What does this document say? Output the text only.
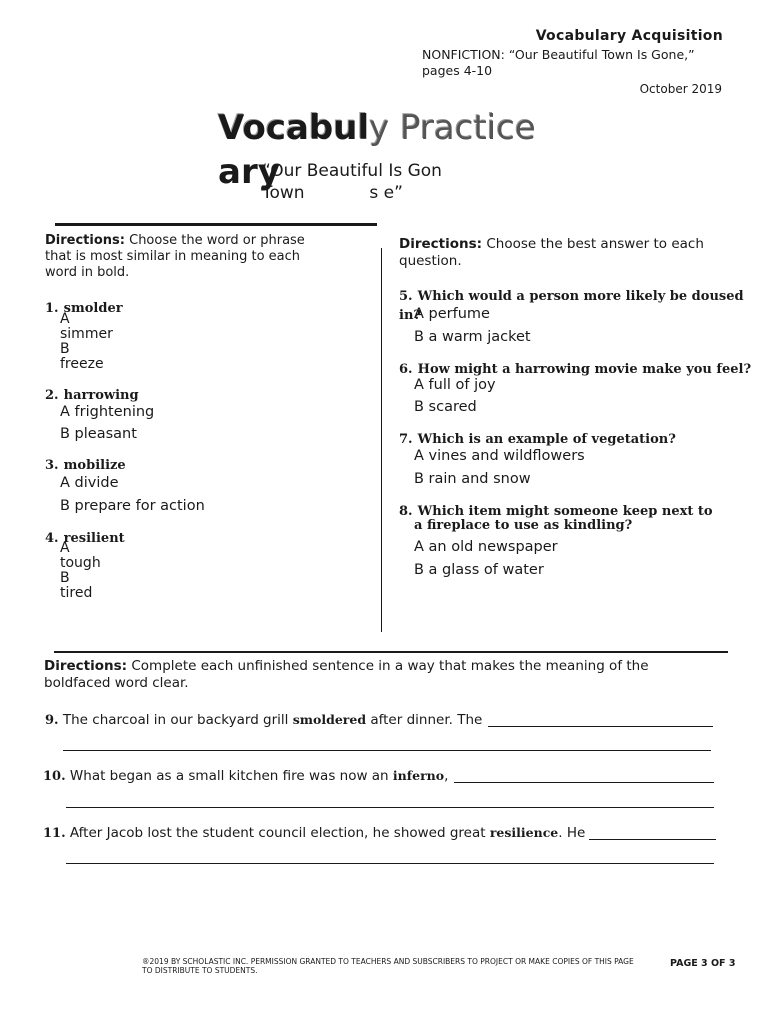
Vocabulary Acquisition
NONFICTION: “Our Beautiful Town Is Gone,” pages 4-10
October 2019
Vocabuly Practice
ary
“Our Beautiful Is Gon
Town            s e”
Directions: Choose the word or phrase that is most similar in meaning to each word in bold.
1. smolder
A
simmer
B
freeze
2. harrowing
A frightening
B pleasant
3. mobilize
A divide
B prepare for action
4. resilient
A
tough
B
tired
Directions: Choose the best answer to each question.
5. Which would a person more likely be doused in?
A perfume
B a warm jacket
6. How might a harrowing movie make you feel?
A full of joy
B scared
7. Which is an example of vegetation?
A vines and wildflowers
B rain and snow
8. Which item might someone keep next to
a fireplace to use as kindling?
A an old newspaper
B a glass of water
Directions: Complete each unfinished sentence in a way that makes the meaning of the boldfaced word clear.
9. The charcoal in our backyard grill smoldered after dinner. The
10. What began as a small kitchen fire was now an inferno,
11. After Jacob lost the student council election, he showed great resilience. He
®2019 BY SCHOLASTIC INC. PERMISSION GRANTED TO TEACHERS AND SUBSCRIBERS TO PROJECT OR MAKE COPIES OF THIS PAGE TO DISTRIBUTE TO STUDENTS.
PAGE 3 OF 3
